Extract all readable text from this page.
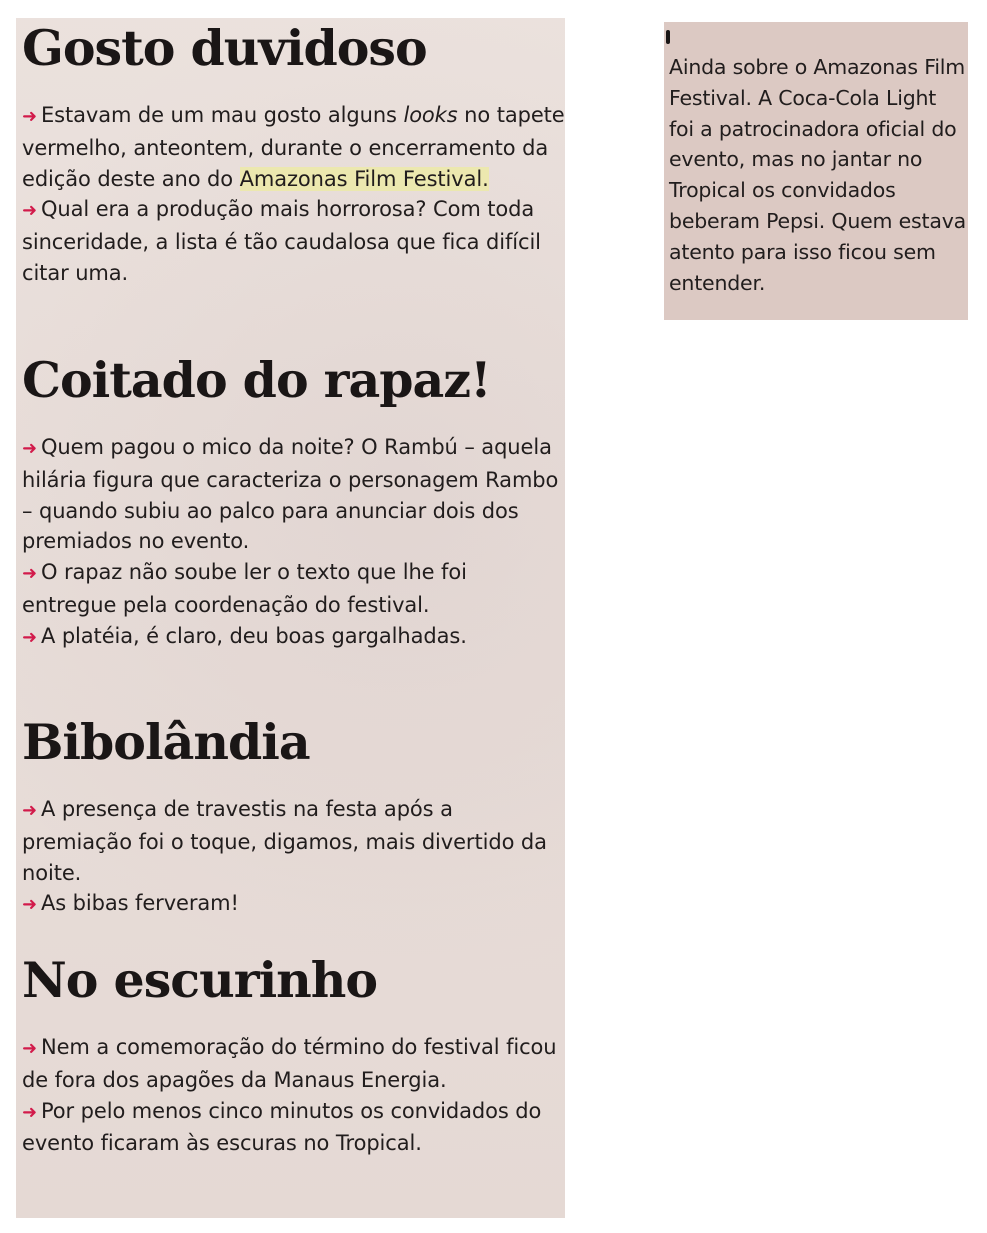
Gosto duvidoso
➜ Estavam de um mau gosto alguns looks no tapete vermelho, anteontem, durante o encerramento da edição deste ano do Amazonas Film Festival.
➜ Qual era a produção mais horrorosa? Com toda sinceridade, a lista é tão caudalosa que fica difícil citar uma.
Coitado do rapaz!
➜ Quem pagou o mico da noite? O Rambú – aquela hilária figura que caracteriza o personagem Rambo – quando subiu ao palco para anunciar dois dos premiados no evento.
➜ O rapaz não soube ler o texto que lhe foi entregue pela coordenação do festival.
➜ A platéia, é claro, deu boas gargalhadas.
Bibolândia
➜ A presença de travestis na festa após a premiação foi o toque, digamos, mais divertido da noite.
➜ As bibas ferveram!
No escurinho
➜ Nem a comemoração do término do festival ficou de fora dos apagões da Manaus Energia.
➜ Por pelo menos cinco minutos os convidados do evento ficaram às escuras no Tropical.
Ainda sobre o Amazonas Film Festival. A Coca-Cola Light foi a patrocinadora oficial do evento, mas no jantar no Tropical os convidados beberam Pepsi. Quem estava atento para isso ficou sem entender.
